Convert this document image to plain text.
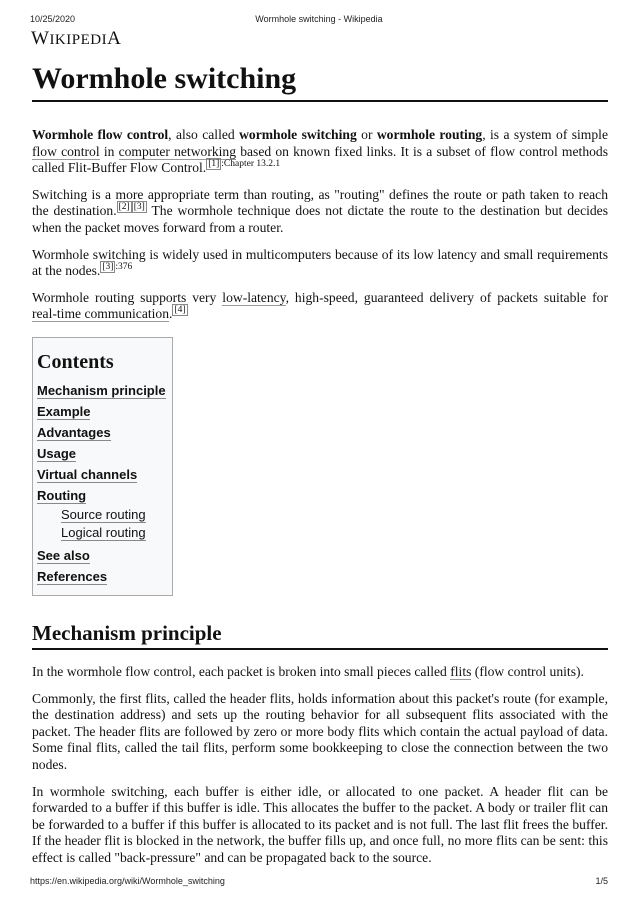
10/25/2020	Wormhole switching - Wikipedia
WIKIPEDIA
Wormhole switching

Wormhole flow control, also called wormhole switching or wormhole routing, is a system of simple flow control in computer networking based on known fixed links. It is a subset of flow control methods called Flit-Buffer Flow Control. $^{[1] :Chapter 13.2.1}$

Switching is a more appropriate term than routing, as "routing" defines the route or path taken to reach the destination. [2] [3] The wormhole technique does not dictate the route to the destination but decides when the packet moves forward from a router.

Wormhole switching is widely used in multicomputers because of its low latency and small requirements at the nodes. $^{[3] :376}$

Wormhole routing supports very low-latency, high-speed, guaranteed delivery of packets suitable for real-time communication. [4]

Contents
Mechanism principle
Example
Advantages
Usage
Virtual channels
Routing
Source routing
Logical routing
See also
References
Mechanism principle

In the wormhole flow control, each packet is broken into small pieces called flits (flow control units).

Commonly, the first flits, called the header flits, holds information about this packet's route (for example, the destination address) and sets up the routing behavior for all subsequent flits associated with the packet. The header flits are followed by zero or more body flits which contain the actual payload of data. Some final flits, called the tail flits, perform some bookkeeping to close the connection between the two nodes.

In wormhole switching, each buffer is either idle, or allocated to one packet. A header flit can be forwarded to a buffer if this buffer is idle. This allocates the buffer to the packet. A body or trailer flit can be forwarded to a buffer if this buffer is allocated to its packet and is not full. The last flit frees the buffer. If the header flit is blocked in the network, the buffer fills up, and once full, no more flits can be sent: this effect is called "back-pressure" and can be propagated back to the source.

https://en.wikipedia.org/wiki/Wormhole_switching	1/5
